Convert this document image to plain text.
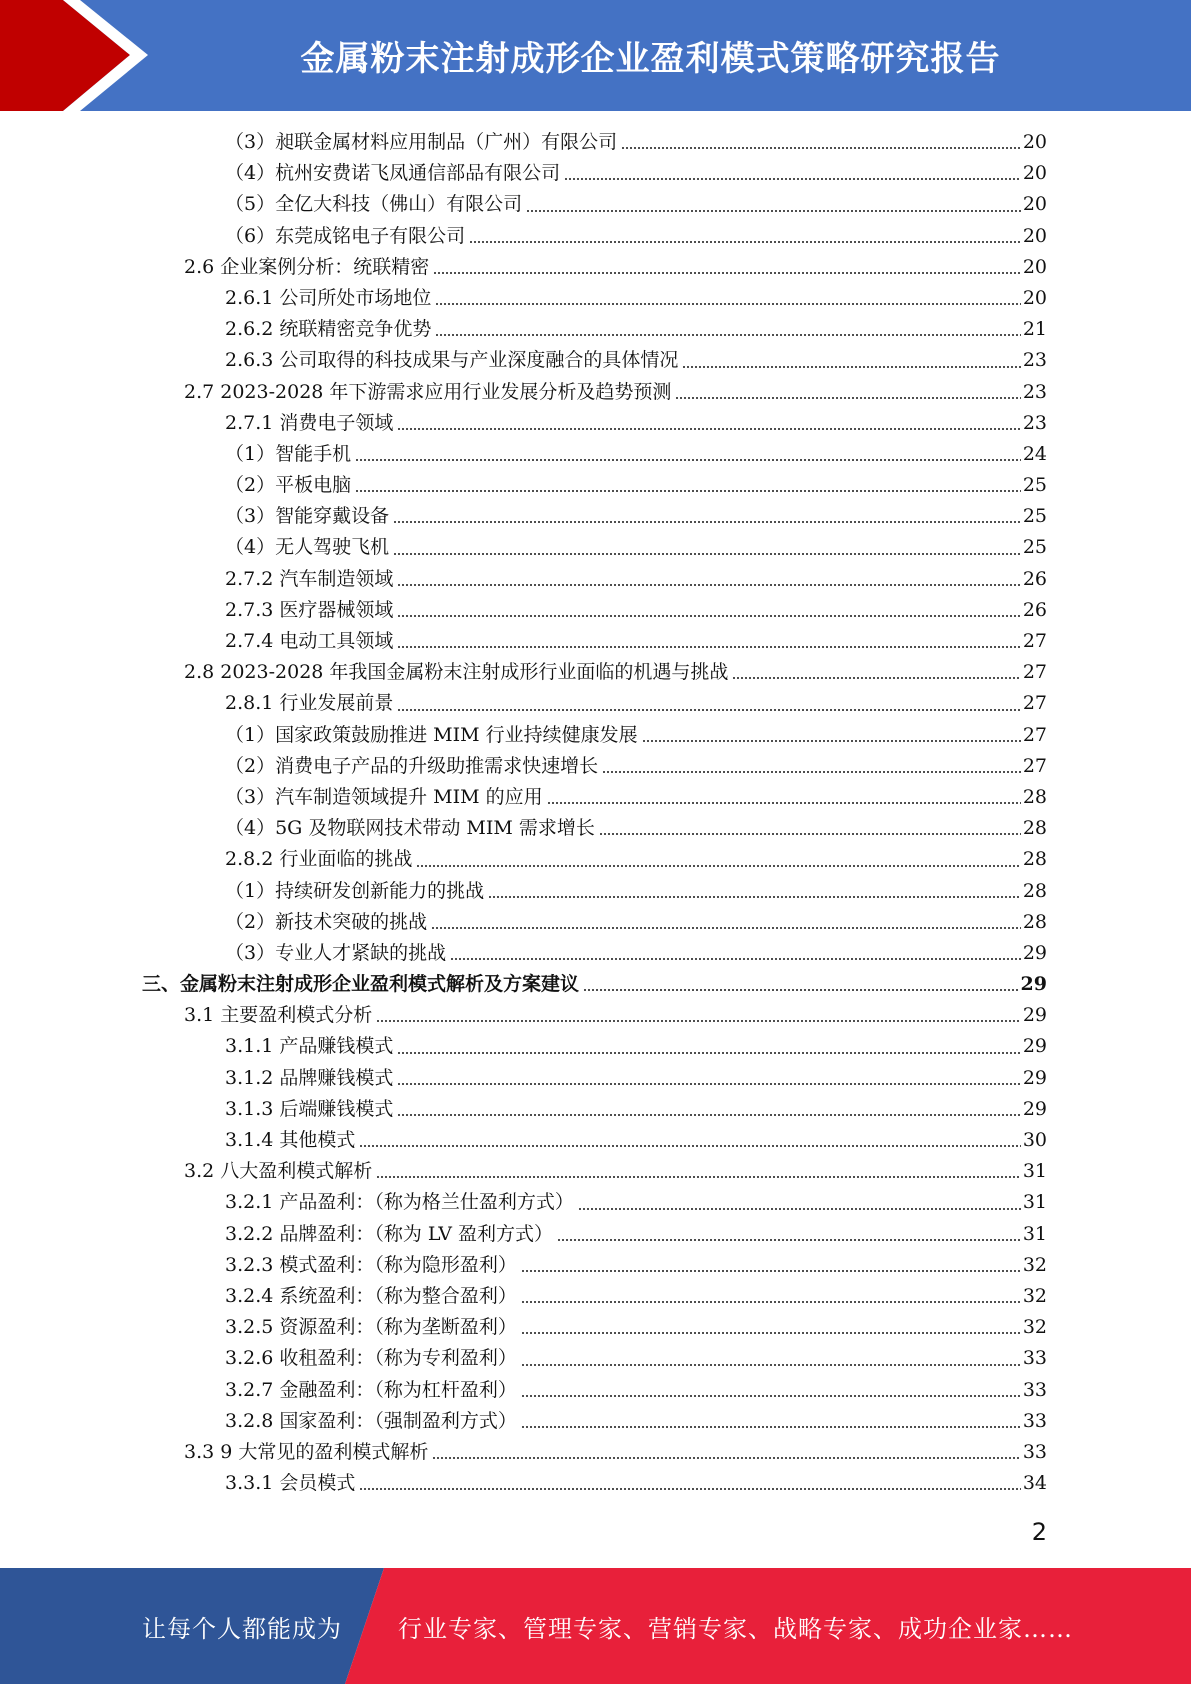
金属粉末注射成形企业盈利模式策略研究报告
（3）昶联金属材料应用制品（广州）有限公司	20
（4）杭州安费诺飞凤通信部品有限公司	20
（5）全亿大科技（佛山）有限公司	20
（6）东莞成铭电子有限公司	20
2.6 企业案例分析：统联精密	20
2.6.1 公司所处市场地位	20
2.6.2 统联精密竞争优势	21
2.6.3 公司取得的科技成果与产业深度融合的具体情况	23
2.7 2023-2028 年下游需求应用行业发展分析及趋势预测	23
2.7.1 消费电子领域	23
（1）智能手机	24
（2）平板电脑	25
（3）智能穿戴设备	25
（4）无人驾驶飞机	25
2.7.2 汽车制造领域	26
2.7.3 医疗器械领域	26
2.7.4 电动工具领域	27
2.8 2023-2028 年我国金属粉末注射成形行业面临的机遇与挑战	27
2.8.1 行业发展前景	27
（1）国家政策鼓励推进 MIM 行业持续健康发展	27
（2）消费电子产品的升级助推需求快速增长	27
（3）汽车制造领域提升 MIM 的应用	28
（4）5G 及物联网技术带动 MIM 需求增长	28
2.8.2 行业面临的挑战	28
（1）持续研发创新能力的挑战	28
（2）新技术突破的挑战	28
（3）专业人才紧缺的挑战	29
三、金属粉末注射成形企业盈利模式解析及方案建议	29
3.1 主要盈利模式分析	29
3.1.1 产品赚钱模式	29
3.1.2 品牌赚钱模式	29
3.1.3 后端赚钱模式	29
3.1.4 其他模式	30
3.2 八大盈利模式解析	31
3.2.1 产品盈利：（称为格兰仕盈利方式）	31
3.2.2 品牌盈利：（称为 LV 盈利方式）	31
3.2.3 模式盈利：（称为隐形盈利）	32
3.2.4 系统盈利：（称为整合盈利）	32
3.2.5 资源盈利：（称为垄断盈利）	32
3.2.6 收租盈利：（称为专利盈利）	33
3.2.7 金融盈利：（称为杠杆盈利）	33
3.2.8 国家盈利：（强制盈利方式）	33
3.3 9 大常见的盈利模式解析	33
3.3.1 会员模式	34
2
让每个人都能成为 行业专家、管理专家、营销专家、战略专家、成功企业家……
